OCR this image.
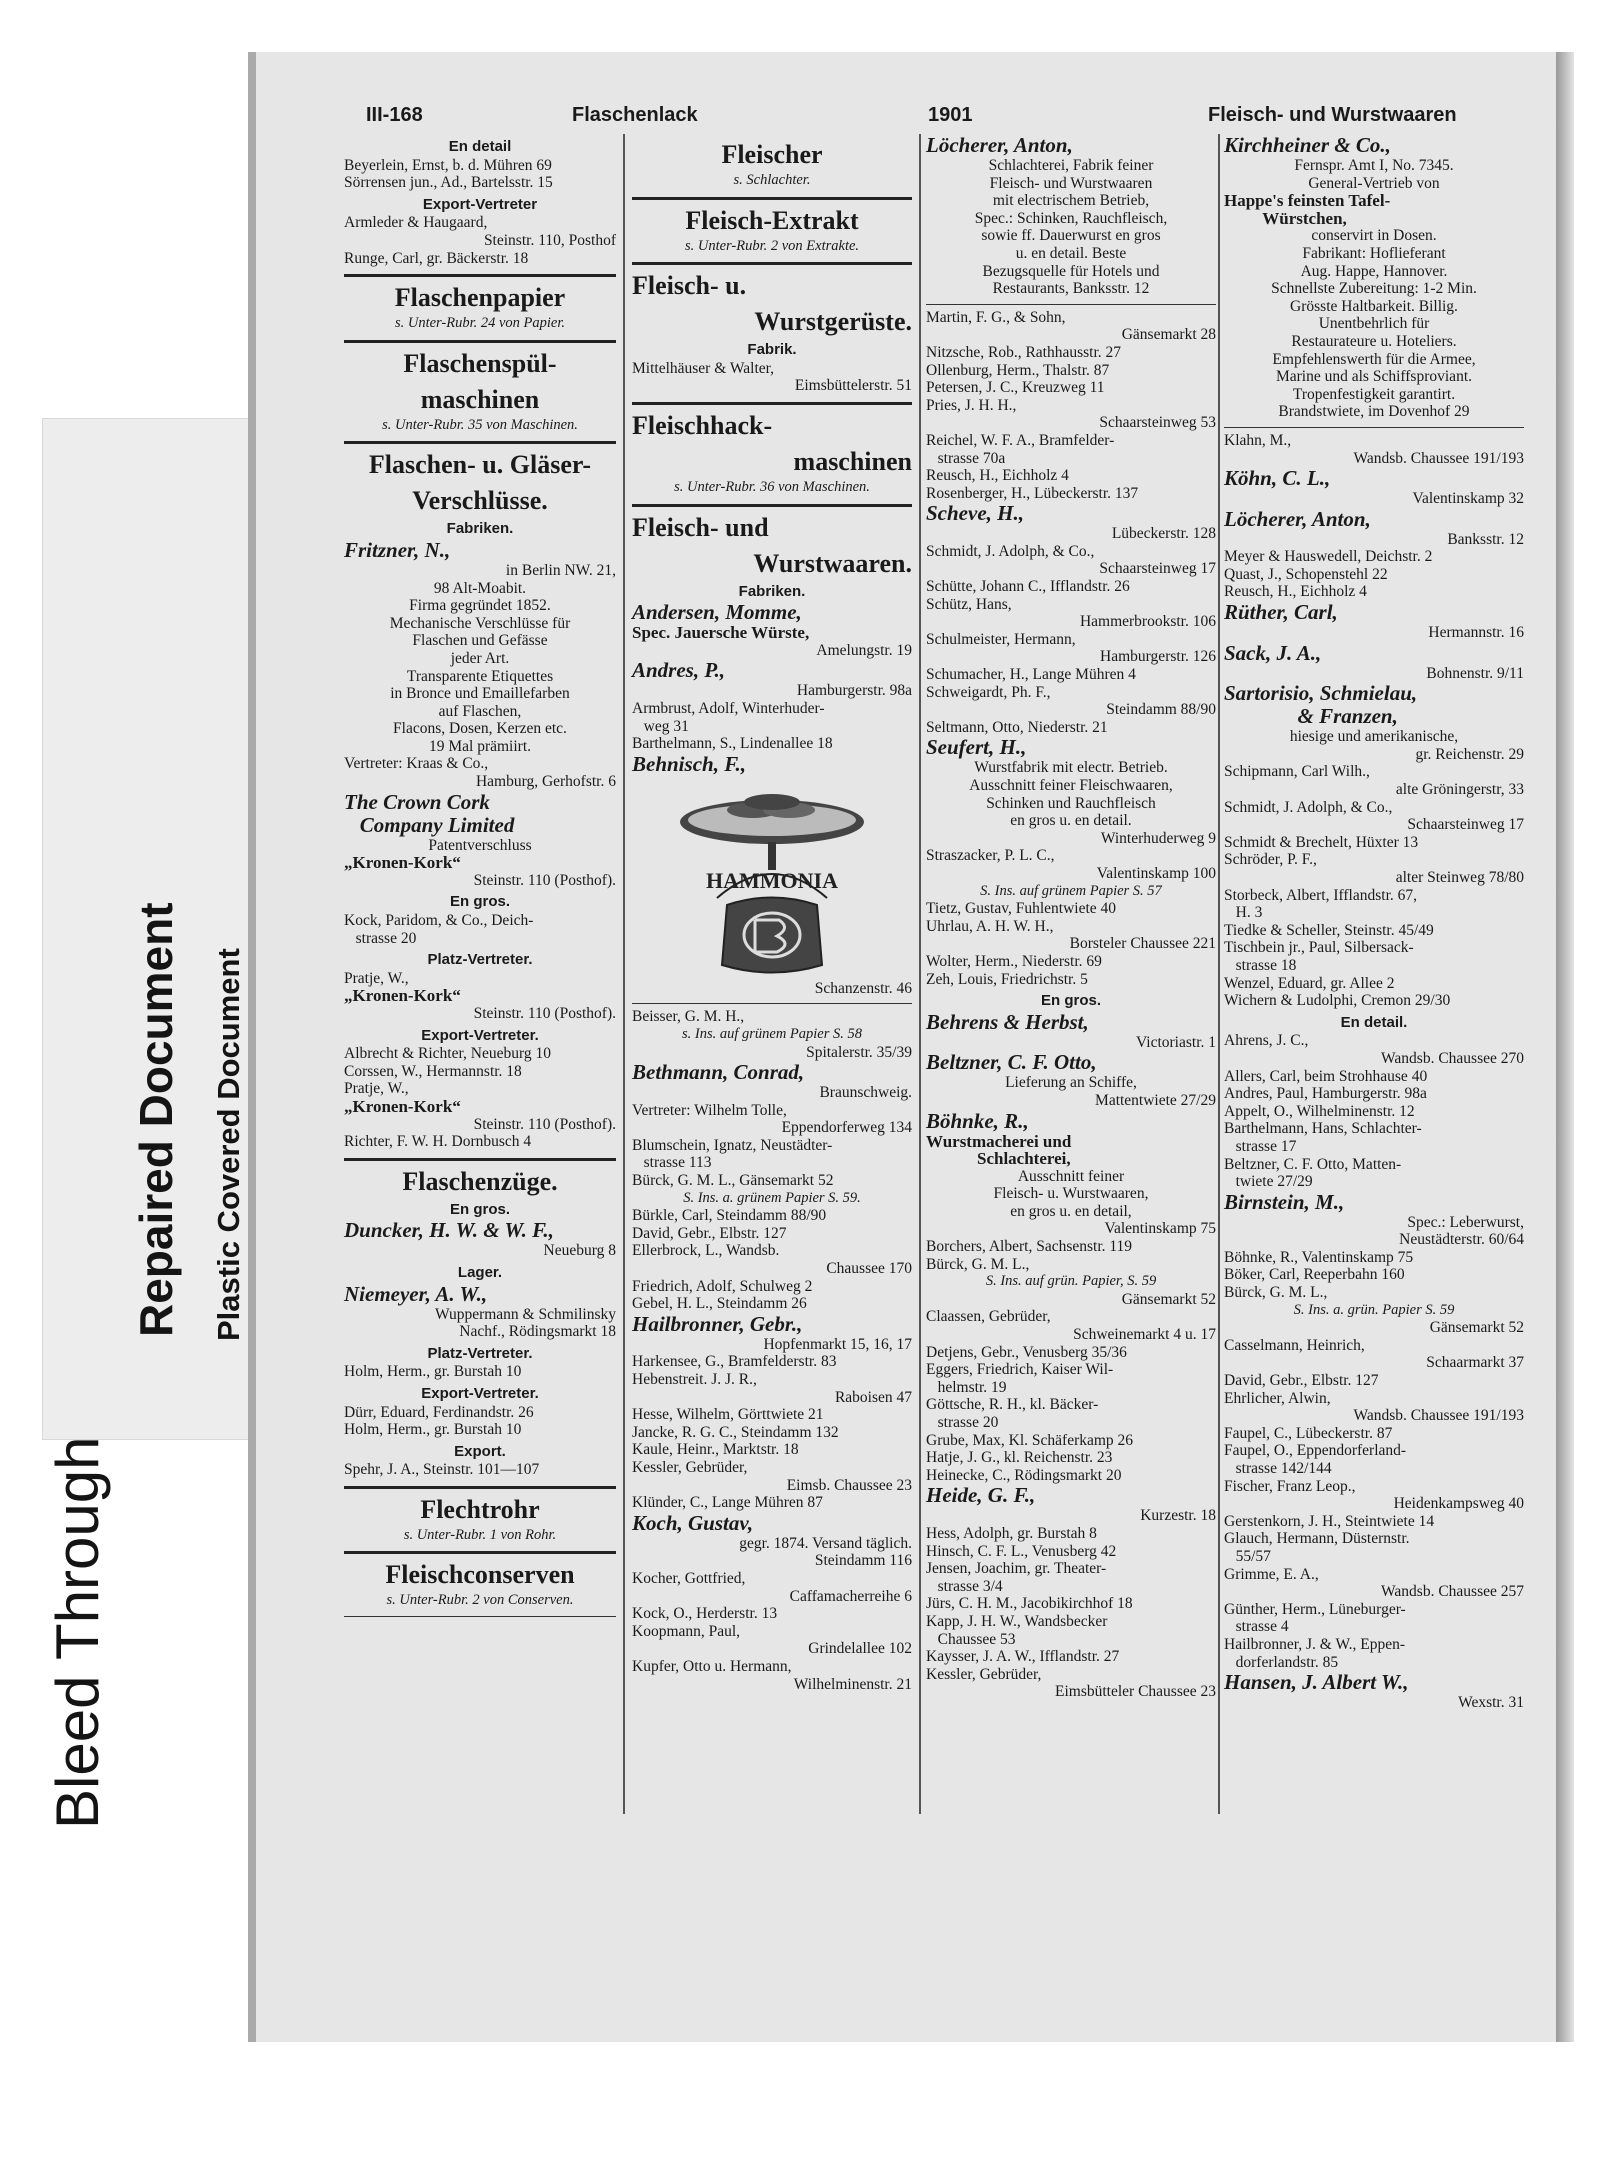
Bleed Through
Repaired Document Plastic Covered Document
III-168	Flaschenlack	1901	Fleisch- und Wurstwaaren
En detail
Beyerlein, Ernst, b. d. Mühren 69
Sörrensen jun., Ad., Bartelsstr. 15
Export-Vertreter
Armleder & Haugaard,
Steinstr. 110, Posthof
Runge, Carl, gr. Bäckerstr. 18
Flaschenpapier
s. Unter-Rubr. 24 von Papier.
Flaschenspül-
maschinen
s. Unter-Rubr. 35 von Maschinen.
Flaschen- u. Gläser-
Verschlüsse.
Fabriken.
Fritzner, N.,
in Berlin NW. 21,
98 Alt-Moabit.
Firma gegründet 1852.
Mechanische Verschlüsse für
Flaschen und Gefässe
jeder Art.
Transparente Etiquettes
in Bronce und Emaillefarben
auf Flaschen,
Flacons, Dosen, Kerzen etc.
19 Mal prämiirt.
Vertreter: Kraas & Co.,
Hamburg, Gerhofstr. 6
The Crown Cork
Company Limited
Patentverschluss
„Kronen-Kork“
Steinstr. 110 (Posthof).
En gros.
Kock, Paridom, & Co., Deich-
strasse 20
Platz-Vertreter.
Pratje, W.,
„Kronen-Kork“
Steinstr. 110 (Posthof).
Export-Vertreter.
Albrecht & Richter, Neueburg 10
Corssen, W., Hermannstr. 18
Pratje, W.,
„Kronen-Kork“
Steinstr. 110 (Posthof).
Richter, F. W. H. Dornbusch 4
Flaschenzüge.
En gros.
Duncker, H. W. & W. F.,
Neueburg 8
Lager.
Niemeyer, A. W.,
Wuppermann & Schmilinsky
Nachf., Rödingsmarkt 18
Platz-Vertreter.
Holm, Herm., gr. Burstah 10
Export-Vertreter.
Dürr, Eduard, Ferdinandstr. 26
Holm, Herm., gr. Burstah 10
Export.
Spehr, J. A., Steinstr. 101—107
Flechtrohr
s. Unter-Rubr. 1 von Rohr.
Fleischconserven
s. Unter-Rubr. 2 von Conserven.
Fleischer
s. Schlachter.
Fleisch-Extrakt
s. Unter-Rubr. 2 von Extrakte.
Fleisch- u.
Wurstgerüste.
Fabrik.
Mittelhäuser & Walter,
Eimsbüttelerstr. 51
Fleischhack-
maschinen
s. Unter-Rubr. 36 von Maschinen.
Fleisch- und
Wurstwaaren.
Fabriken.
Andersen, Momme,
Spec. Jauersche Würste,
Amelungstr. 19
Andres, P.,
Hamburgerstr. 98a
Armbrust, Adolf, Winterhuder-
weg 31
Barthelmann, S., Lindenallee 18
Behnisch, F.,
HAMMONIA
Schanzenstr. 46
Beisser, G. M. H.,
s. Ins. auf grünem Papier S. 58
Spitalerstr. 35/39
Bethmann, Conrad,
Braunschweig.
Vertreter: Wilhelm Tolle,
Eppendorferweg 134
Blumschein, Ignatz, Neustädter-
strasse 113
Bürck, G. M. L., Gänsemarkt 52
S. Ins. a. grünem Papier S. 59.
Bürkle, Carl, Steindamm 88/90
David, Gebr., Elbstr. 127
Ellerbrock, L., Wandsb.
Chaussee 170
Friedrich, Adolf, Schulweg 2
Gebel, H. L., Steindamm 26
Hailbronner, Gebr.,
Hopfenmarkt 15, 16, 17
Harkensee, G., Bramfelderstr. 83
Hebenstreit. J. J. R.,
Raboisen 47
Hesse, Wilhelm, Görttwiete 21
Jancke, R. G. C., Steindamm 132
Kaule, Heinr., Marktstr. 18
Kessler, Gebrüder,
Eimsb. Chaussee 23
Klünder, C., Lange Mühren 87
Koch, Gustav,
gegr. 1874. Versand täglich.
Steindamm 116
Kocher, Gottfried,
Caffamacherreihe 6
Kock, O., Herderstr. 13
Koopmann, Paul,
Grindelallee 102
Kupfer, Otto u. Hermann,
Wilhelminenstr. 21
Löcherer, Anton,
Schlachterei, Fabrik feiner
Fleisch- und Wurstwaaren
mit electrischem Betrieb,
Spec.: Schinken, Rauchfleisch,
sowie ff. Dauerwurst en gros
u. en detail. Beste
Bezugsquelle für Hotels und
Restaurants, Banksstr. 12
Martin, F. G., & Sohn,
Gänsemarkt 28
Nitzsche, Rob., Rathhausstr. 27
Ollenburg, Herm., Thalstr. 87
Petersen, J. C., Kreuzweg 11
Pries, J. H. H.,
Schaarsteinweg 53
Reichel, W. F. A., Bramfelder-
strasse 70a
Reusch, H., Eichholz 4
Rosenberger, H., Lübeckerstr. 137
Scheve, H.,
Lübeckerstr. 128
Schmidt, J. Adolph, & Co.,
Schaarsteinweg 17
Schütte, Johann C., Ifflandstr. 26
Schütz, Hans,
Hammerbrookstr. 106
Schulmeister, Hermann,
Hamburgerstr. 126
Schumacher, H., Lange Mühren 4
Schweigardt, Ph. F.,
Steindamm 88/90
Seltmann, Otto, Niederstr. 21
Seufert, H.,
Wurstfabrik mit electr. Betrieb.
Ausschnitt feiner Fleischwaaren,
Schinken und Rauchfleisch
en gros u. en detail.
Winterhuderweg 9
Straszacker, P. L. C.,
Valentinskamp 100
S. Ins. auf grünem Papier S. 57
Tietz, Gustav, Fuhlentwiete 40
Uhrlau, A. H. W. H.,
Borsteler Chaussee 221
Wolter, Herm., Niederstr. 69
Zeh, Louis, Friedrichstr. 5
En gros.
Behrens & Herbst,
Victoriastr. 1
Beltzner, C. F. Otto,
Lieferung an Schiffe,
Mattentwiete 27/29
Böhnke, R.,
Wurstmacherei und
Schlachterei,
Ausschnitt feiner
Fleisch- u. Wurstwaaren,
en gros u. en detail,
Valentinskamp 75
Borchers, Albert, Sachsenstr. 119
Bürck, G. M. L.,
S. Ins. auf grün. Papier, S. 59
Gänsemarkt 52
Claassen, Gebrüder,
Schweinemarkt 4 u. 17
Detjens, Gebr., Venusberg 35/36
Eggers, Friedrich, Kaiser Wil-
helmstr. 19
Göttsche, R. H., kl. Bäcker-
strasse 20
Grube, Max, Kl. Schäferkamp 26
Hatje, J. G., kl. Reichenstr. 23
Heinecke, C., Rödingsmarkt 20
Heide, G. F.,
Kurzestr. 18
Hess, Adolph, gr. Burstah 8
Hinsch, C. F. L., Venusberg 42
Jensen, Joachim, gr. Theater-
strasse 3/4
Jürs, C. H. M., Jacobikirchhof 18
Kapp, J. H. W., Wandsbecker
Chaussee 53
Kaysser, J. A. W., Ifflandstr. 27
Kessler, Gebrüder,
Eimsbütteler Chaussee 23
Kirchheiner & Co.,
Fernspr. Amt I, No. 7345.
General-Vertrieb von
Happe's feinsten Tafel-
Würstchen,
conservirt in Dosen.
Fabrikant: Hoflieferant
Aug. Happe, Hannover.
Schnellste Zubereitung: 1-2 Min.
Grösste Haltbarkeit. Billig.
Unentbehrlich für
Restaurateure u. Hoteliers.
Empfehlenswerth für die Armee,
Marine und als Schiffsproviant.
Tropenfestigkeit garantirt.
Brandstwiete, im Dovenhof 29
Klahn, M.,
Wandsb. Chaussee 191/193
Köhn, C. L.,
Valentinskamp 32
Löcherer, Anton,
Banksstr. 12
Meyer & Hauswedell, Deichstr. 2
Quast, J., Schopenstehl 22
Reusch, H., Eichholz 4
Rüther, Carl,
Hermannstr. 16
Sack, J. A.,
Bohnenstr. 9/11
Sartorisio, Schmielau,
& Franzen,
hiesige und amerikanische,
gr. Reichenstr. 29
Schipmann, Carl Wilh.,
alte Gröningerstr, 33
Schmidt, J. Adolph, & Co.,
Schaarsteinweg 17
Schmidt & Brechelt, Hüxter 13
Schröder, P. F.,
alter Steinweg 78/80
Storbeck, Albert, Ifflandstr. 67,
H. 3
Tiedke & Scheller, Steinstr. 45/49
Tischbein jr., Paul, Silbersack-
strasse 18
Wenzel, Eduard, gr. Allee 2
Wichern & Ludolphi, Cremon 29/30
En detail.
Ahrens, J. C.,
Wandsb. Chaussee 270
Allers, Carl, beim Strohhause 40
Andres, Paul, Hamburgerstr. 98a
Appelt, O., Wilhelminenstr. 12
Barthelmann, Hans, Schlachter-
strasse 17
Beltzner, C. F. Otto, Matten-
twiete 27/29
Birnstein, M.,
Spec.: Leberwurst,
Neustädterstr. 60/64
Böhnke, R., Valentinskamp 75
Böker, Carl, Reeperbahn 160
Bürck, G. M. L.,
S. Ins. a. grün. Papier S. 59
Gänsemarkt 52
Casselmann, Heinrich,
Schaarmarkt 37
David, Gebr., Elbstr. 127
Ehrlicher, Alwin,
Wandsb. Chaussee 191/193
Faupel, C., Lübeckerstr. 87
Faupel, O., Eppendorferland-
strasse 142/144
Fischer, Franz Leop.,
Heidenkampsweg 40
Gerstenkorn, J. H., Steintwiete 14
Glauch, Hermann, Düsternstr.
55/57
Grimme, E. A.,
Wandsb. Chaussee 257
Günther, Herm., Lüneburger-
strasse 4
Hailbronner, J. & W., Eppen-
dorferlandstr. 85
Hansen, J. Albert W.,
Wexstr. 31
